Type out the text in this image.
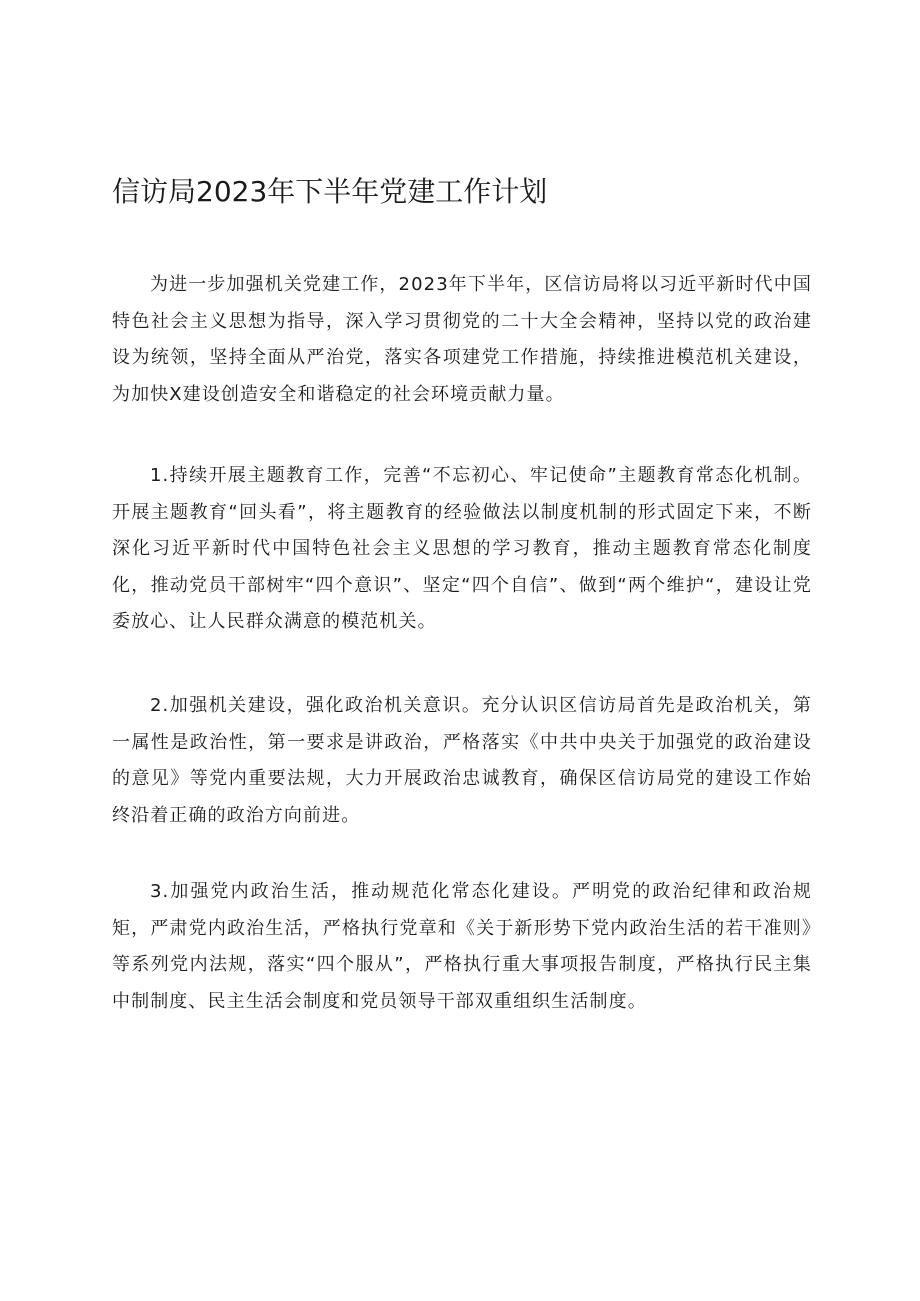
信访局2023年下半年党建工作计划

为进一步加强机关党建工作，2023年下半年，区信访局将以习近平新时代中国特色社会主义思想为指导，深入学习贯彻党的二十大全会精神，坚持以党的政治建设为统领，坚持全面从严治党，落实各项建党工作措施，持续推进模范机关建设，为加快X建设创造安全和谐稳定的社会环境贡献力量。

1.持续开展主题教育工作，完善“不忘初心、牢记使命”主题教育常态化机制。开展主题教育“回头看”，将主题教育的经验做法以制度机制的形式固定下来，不断深化习近平新时代中国特色社会主义思想的学习教育，推动主题教育常态化制度化，推动党员干部树牢“四个意识”、坚定“四个自信”、做到“两个维护“，建设让党委放心、让人民群众满意的模范机关。

2.加强机关建设，强化政治机关意识。充分认识区信访局首先是政治机关，第一属性是政治性，第一要求是讲政治，严格落实《中共中央关于加强党的政治建设的意见》等党内重要法规，大力开展政治忠诚教育，确保区信访局党的建设工作始终沿着正确的政治方向前进。

3.加强党内政治生活，推动规范化常态化建设。严明党的政治纪律和政治规矩，严肃党内政治生活，严格执行党章和《关于新形势下党内政治生活的若干准则》等系列党内法规，落实“四个服从”，严格执行重大事项报告制度，严格执行民主集中制制度、民主生活会制度和党员领导干部双重组织生活制度。
